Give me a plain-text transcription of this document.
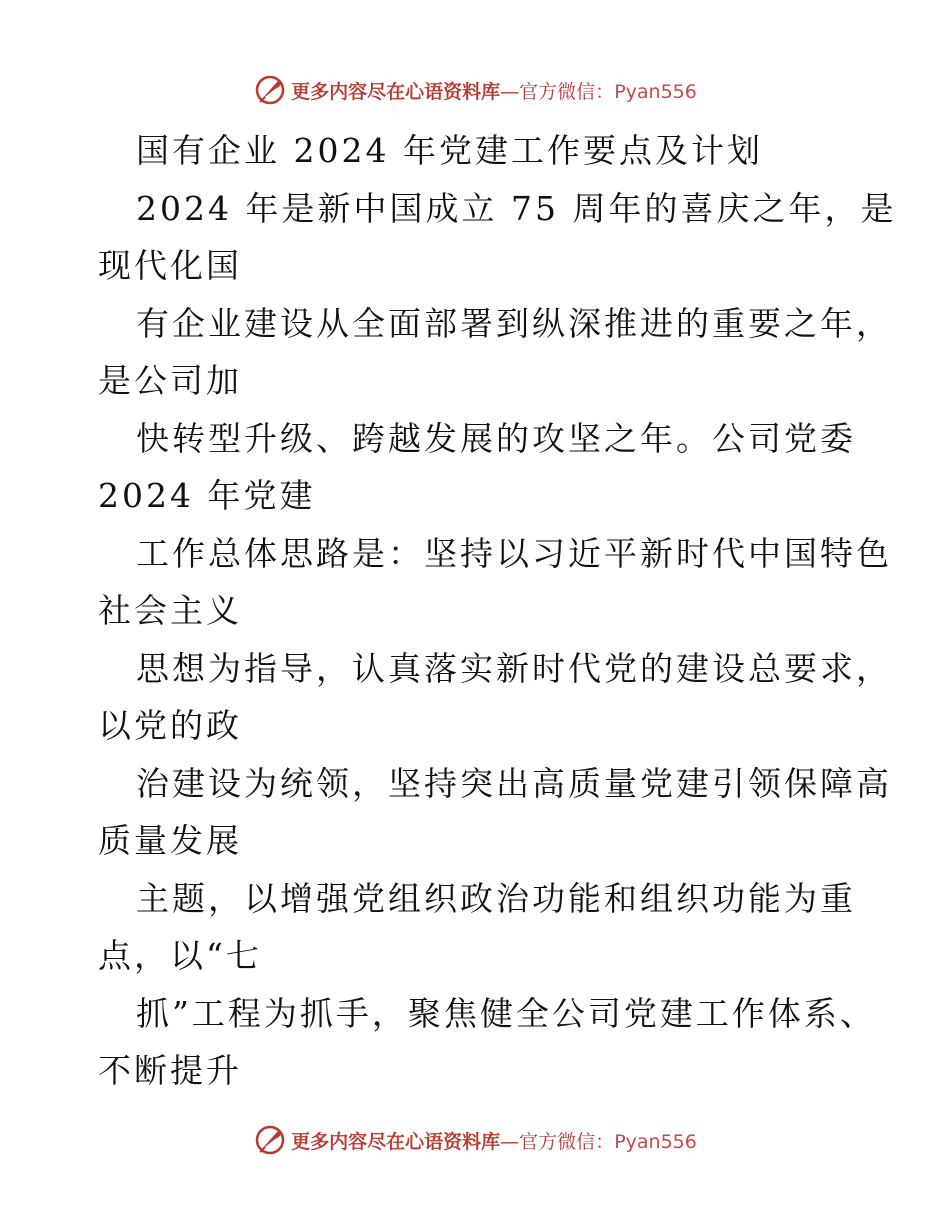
更多内容尽在心语资料库—官方微信：Pyan556
国有企业 2024 年党建工作要点及计划
2024 年是新中国成立 75 周年的喜庆之年，是
现代化国
有企业建设从全面部署到纵深推进的重要之年，
是公司加
快转型升级、跨越发展的攻坚之年。公司党委
2024 年党建
工作总体思路是：坚持以习近平新时代中国特色
社会主义
思想为指导，认真落实新时代党的建设总要求，
以党的政
治建设为统领，坚持突出高质量党建引领保障高
质量发展
主题，以增强党组织政治功能和组织功能为重
点，以“七
抓”工程为抓手，聚焦健全公司党建工作体系、
不断提升
更多内容尽在心语资料库—官方微信：Pyan556
